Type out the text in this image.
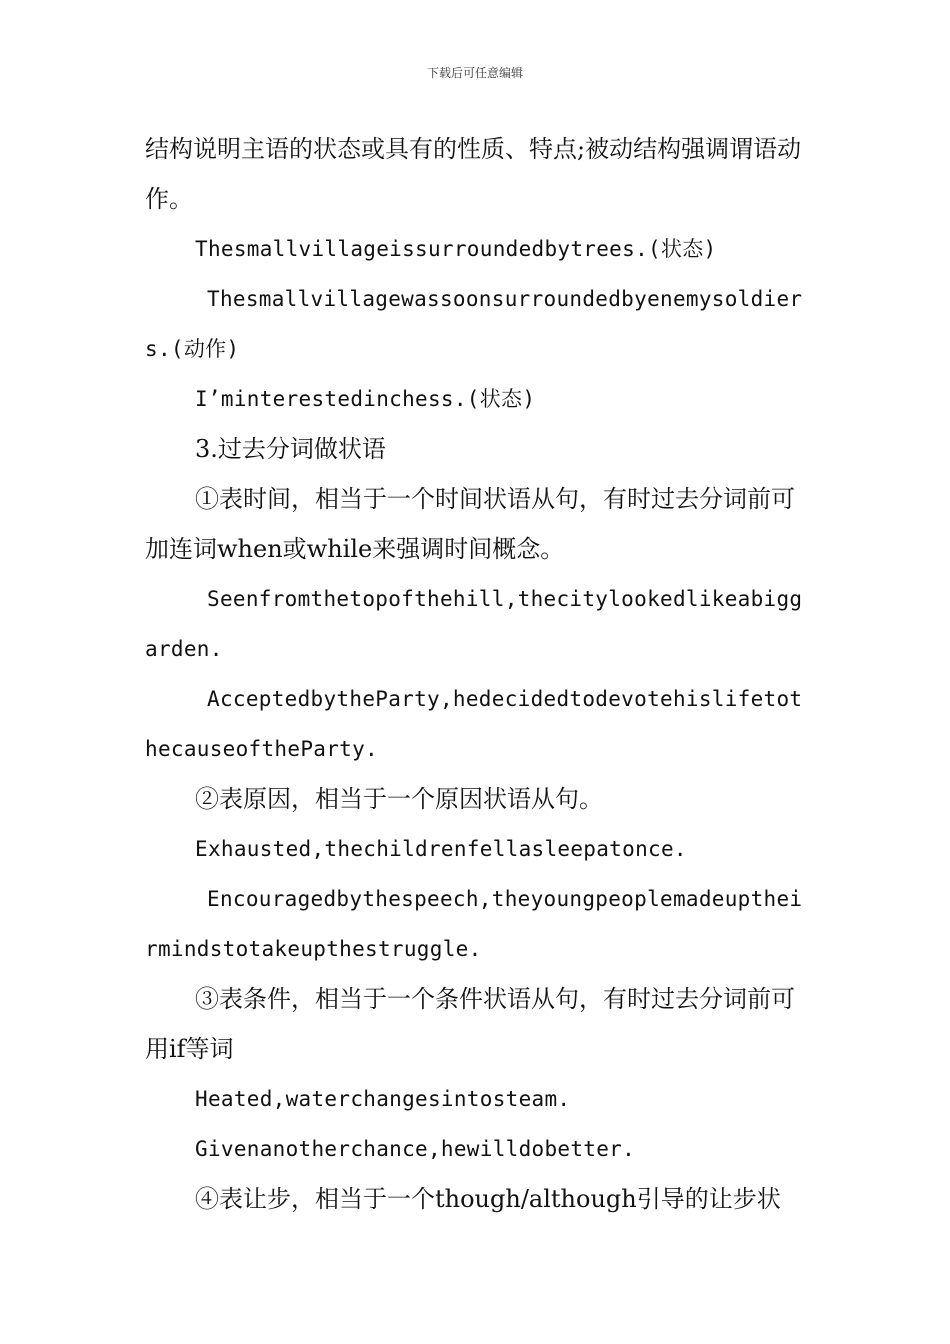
下载后可任意编辑

结构说明主语的状态或具有的性质、特点;被动结构强调谓语动作。

Thesmallvillageissurroundedbytrees.(状态)

Thesmallvillagewassoonsurroundedbyenemysoldiers.(动作)

I’minterestedinchess.(状态)

3.过去分词做状语

①表时间，相当于一个时间状语从句，有时过去分词前可加连词when或while来强调时间概念。

Seenfromthetopofthehill,thecitylookedlikeabiggarden.

AcceptedbytheParty,hedecidedtodevotehislifetothecauseoftheParty.

②表原因，相当于一个原因状语从句。

Exhausted,thechildrenfellasleepatonce.

Encouragedbythespeech,theyoungpeoplemadeuptheirmindstotakeupthestruggle.

③表条件，相当于一个条件状语从句，有时过去分词前可用if等词

Heated,waterchangesintosteam.

Givenanotherchance,hewilldobetter.

④表让步，相当于一个though/although引导的让步状
